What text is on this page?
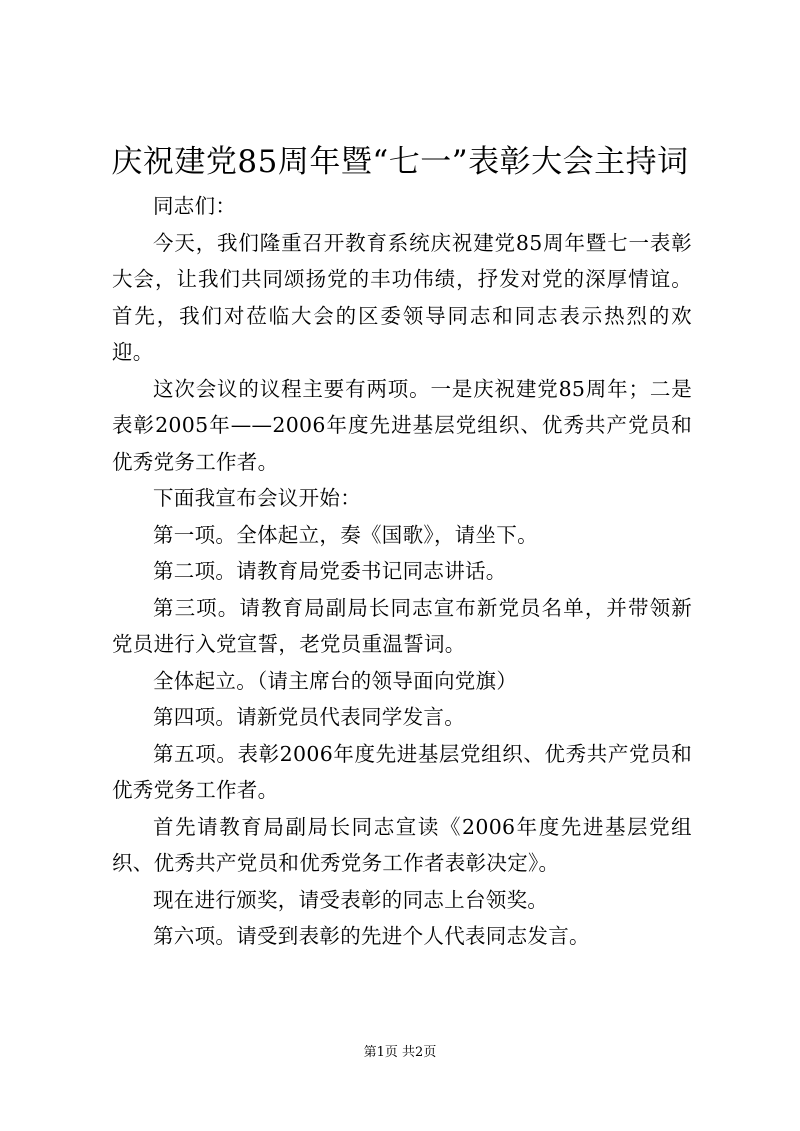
庆祝建党85周年暨“七一”表彰大会主持词

同志们：

今天，我们隆重召开教育系统庆祝建党85周年暨七一表彰大会，让我们共同颂扬党的丰功伟绩，抒发对党的深厚情谊。首先，我们对莅临大会的区委领导同志和同志表示热烈的欢迎。

这次会议的议程主要有两项。一是庆祝建党85周年；二是表彰2005年——2006年度先进基层党组织、优秀共产党员和优秀党务工作者。

下面我宣布会议开始：

第一项。全体起立，奏《国歌》，请坐下。

第二项。请教育局党委书记同志讲话。

第三项。请教育局副局长同志宣布新党员名单，并带领新党员进行入党宣誓，老党员重温誓词。

全体起立。（请主席台的领导面向党旗）

第四项。请新党员代表同学发言。

第五项。表彰2006年度先进基层党组织、优秀共产党员和优秀党务工作者。

首先请教育局副局长同志宣读《2006年度先进基层党组织、优秀共产党员和优秀党务工作者表彰决定》。

现在进行颁奖，请受表彰的同志上台领奖。

第六项。请受到表彰的先进个人代表同志发言。

第1页 共2页
